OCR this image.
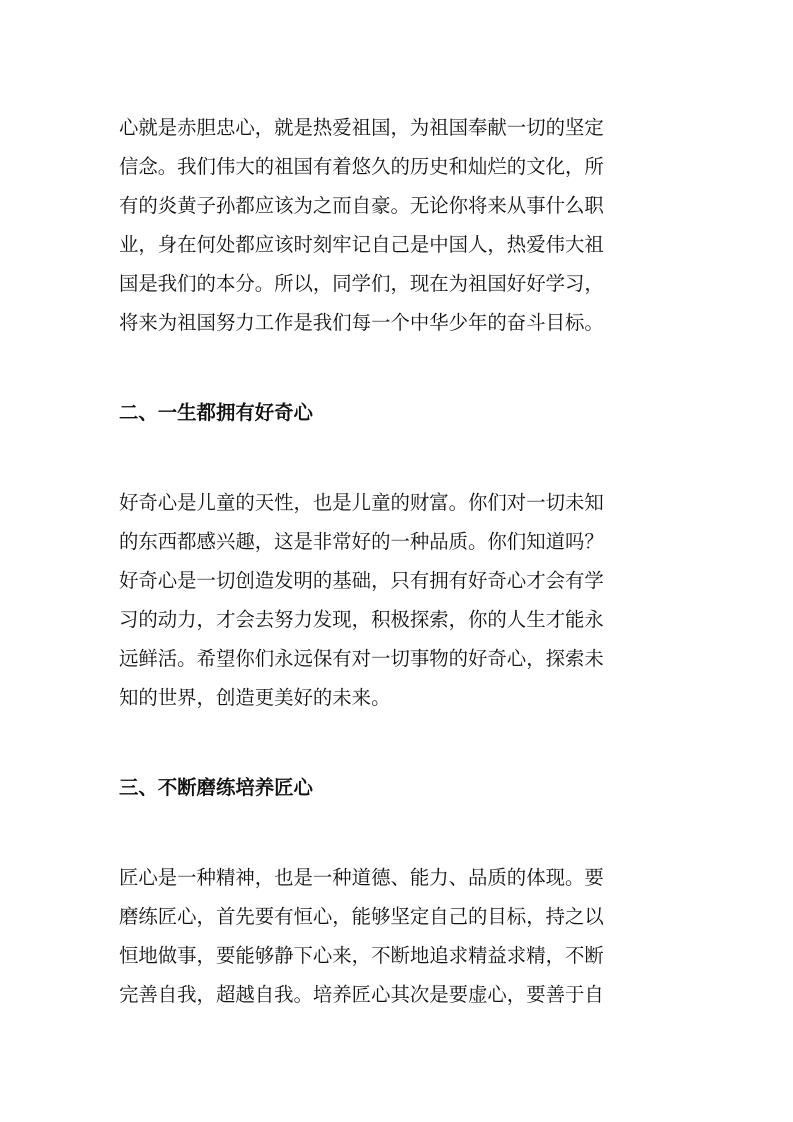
心就是赤胆忠心，就是热爱祖国，为祖国奉献一切的坚定
信念。我们伟大的祖国有着悠久的历史和灿烂的文化，所
有的炎黄子孙都应该为之而自豪。无论你将来从事什么职
业，身在何处都应该时刻牢记自己是中国人，热爱伟大祖
国是我们的本分。所以，同学们，现在为祖国好好学习，
将来为祖国努力工作是我们每一个中华少年的奋斗目标。

二、一生都拥有好奇心

好奇心是儿童的天性，也是儿童的财富。你们对一切未知
的东西都感兴趣，这是非常好的一种品质。你们知道吗？
好奇心是一切创造发明的基础，只有拥有好奇心才会有学
习的动力，才会去努力发现，积极探索，你的人生才能永
远鲜活。希望你们永远保有对一切事物的好奇心，探索未
知的世界，创造更美好的未来。

三、不断磨练培养匠心

匠心是一种精神，也是一种道德、能力、品质的体现。要
磨练匠心，首先要有恒心，能够坚定自己的目标，持之以
恒地做事，要能够静下心来，不断地追求精益求精，不断
完善自我，超越自我。培养匠心其次是要虚心，要善于自
